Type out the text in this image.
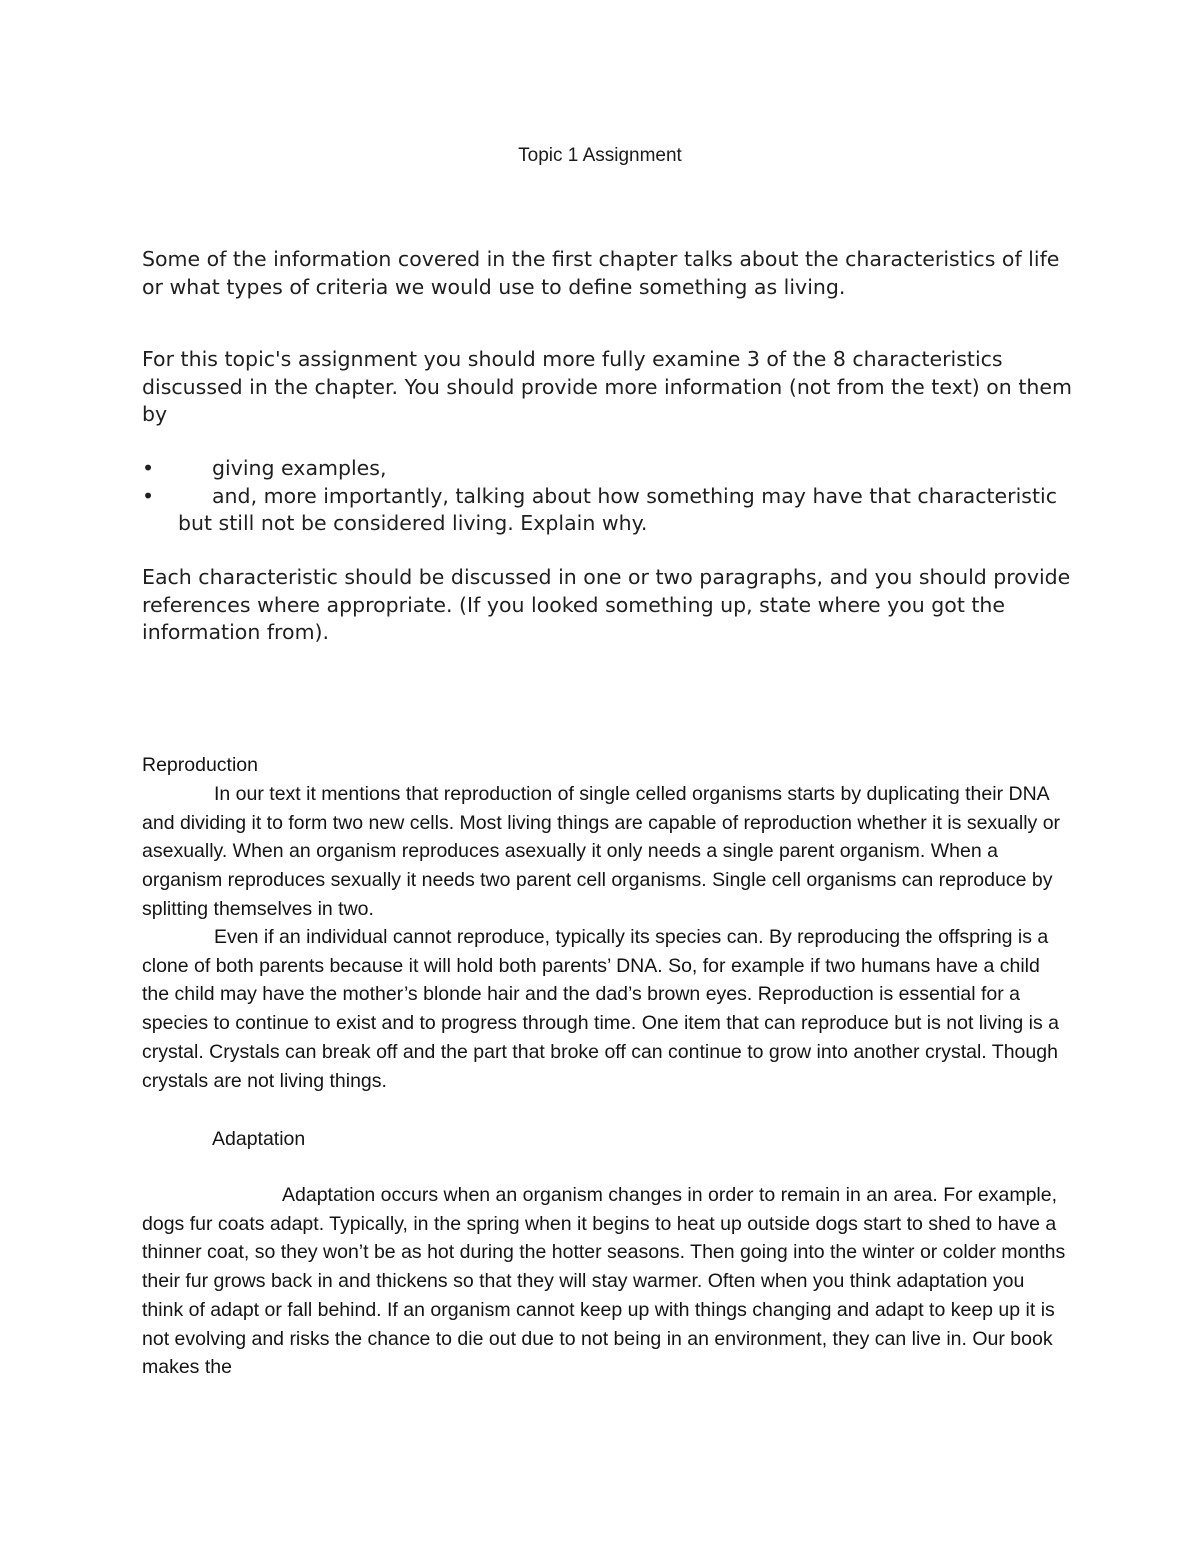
Topic 1 Assignment

Some of the information covered in the first chapter talks about the characteristics of life or what types of criteria we would use to define something as living.

For this topic's assignment you should more fully examine 3 of the 8 characteristics discussed in the chapter. You should provide more information (not from the text) on them by

•	giving examples,
•	and, more importantly, talking about how something may have that characteristic but still not be considered living. Explain why.

Each characteristic should be discussed in one or two paragraphs, and you should provide references where appropriate. (If you looked something up, state where you got the information from).

Reproduction

In our text it mentions that reproduction of single celled organisms starts by duplicating their DNA and dividing it to form two new cells. Most living things are capable of reproduction whether it is sexually or asexually. When an organism reproduces asexually it only needs a single parent organism. When a organism reproduces sexually it needs two parent cell organisms. Single cell organisms can reproduce by splitting themselves in two.

Even if an individual cannot reproduce, typically its species can. By reproducing the offspring is a clone of both parents because it will hold both parents’ DNA. So, for example if two humans have a child the child may have the mother’s blonde hair and the dad’s brown eyes. Reproduction is essential for a species to continue to exist and to progress through time. One item that can reproduce but is not living is a crystal. Crystals can break off and the part that broke off can continue to grow into another crystal. Though crystals are not living things.

Adaptation

Adaptation occurs when an organism changes in order to remain in an area. For example, dogs fur coats adapt. Typically, in the spring when it begins to heat up outside dogs start to shed to have a thinner coat, so they won’t be as hot during the hotter seasons. Then going into the winter or colder months their fur grows back in and thickens so that they will stay warmer. Often when you think adaptation you think of adapt or fall behind. If an organism cannot keep up with things changing and adapt to keep up it is not evolving and risks the chance to die out due to not being in an environment, they can live in. Our book makes the
